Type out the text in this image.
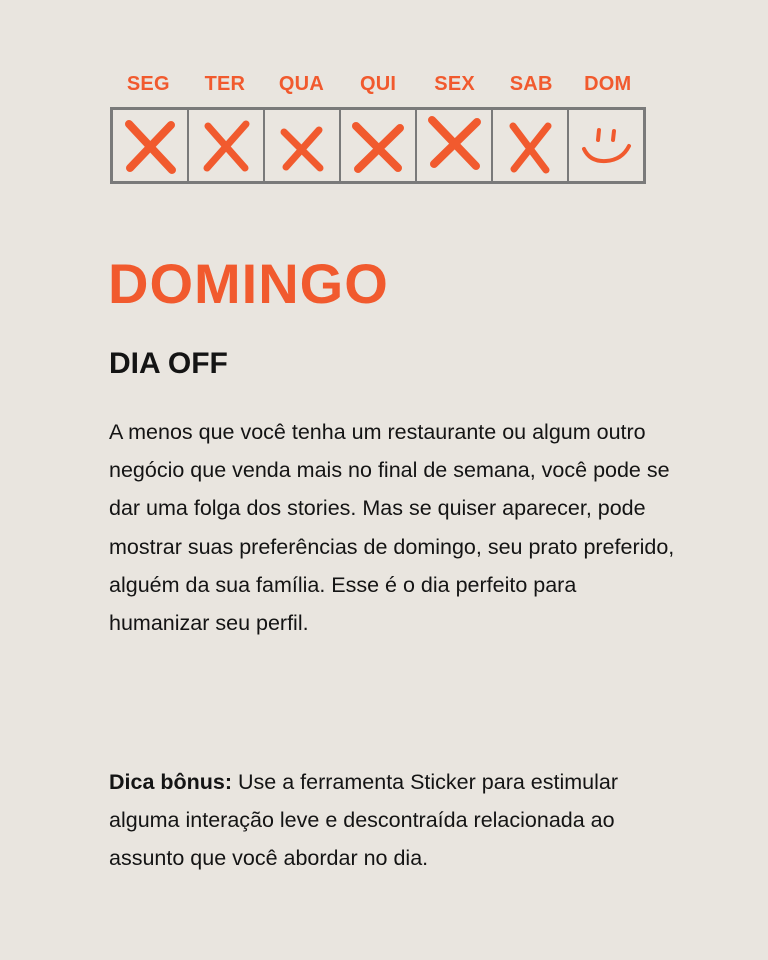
SEG	TER	QUA	QUI	SEX	SAB	DOM
DOMINGO
DIA OFF

A menos que você tenha um restaurante ou algum outro negócio que venda mais no final de semana, você pode se dar uma folga dos stories. Mas se quiser aparecer, pode mostrar suas preferências de domingo, seu prato preferido, alguém da sua família. Esse é o dia perfeito para humanizar seu perfil.

Dica bônus: Use a ferramenta Sticker para estimular alguma interação leve e descontraída relacionada ao assunto que você abordar no dia.
